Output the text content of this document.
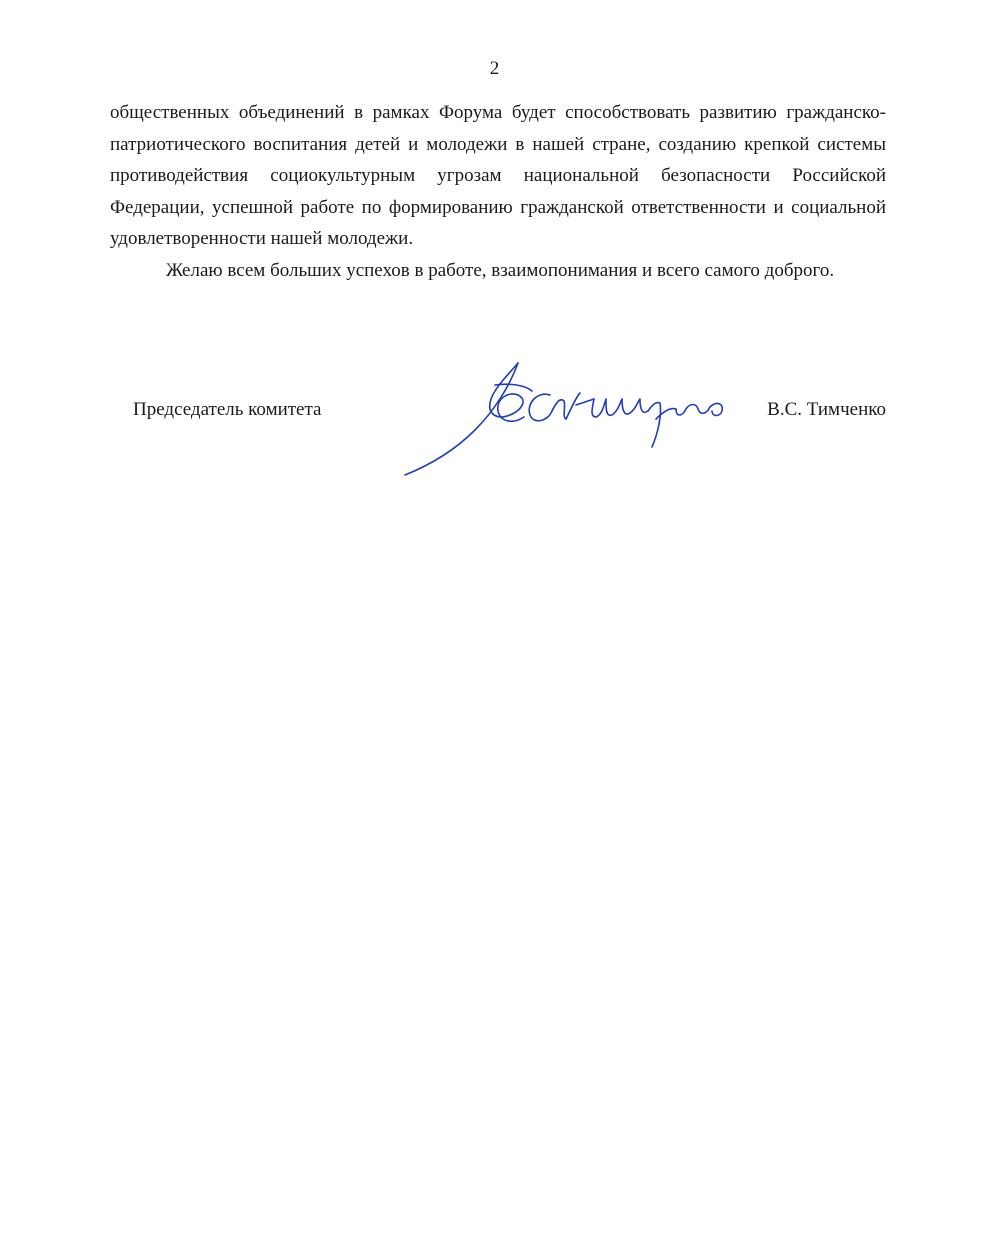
2

общественных объединений в рамках Форума будет способствовать развитию гражданско-патриотического воспитания детей и молодежи в нашей стране, созданию крепкой системы противодействия социокультурным угрозам национальной безопасности Российской Федерации, успешной работе по формированию гражданской ответственности и социальной удовлетворенности нашей молодежи.

Желаю всем больших успехов в работе, взаимопонимания и всего самого доброго.

Председатель комитета	В.С. Тимченко
